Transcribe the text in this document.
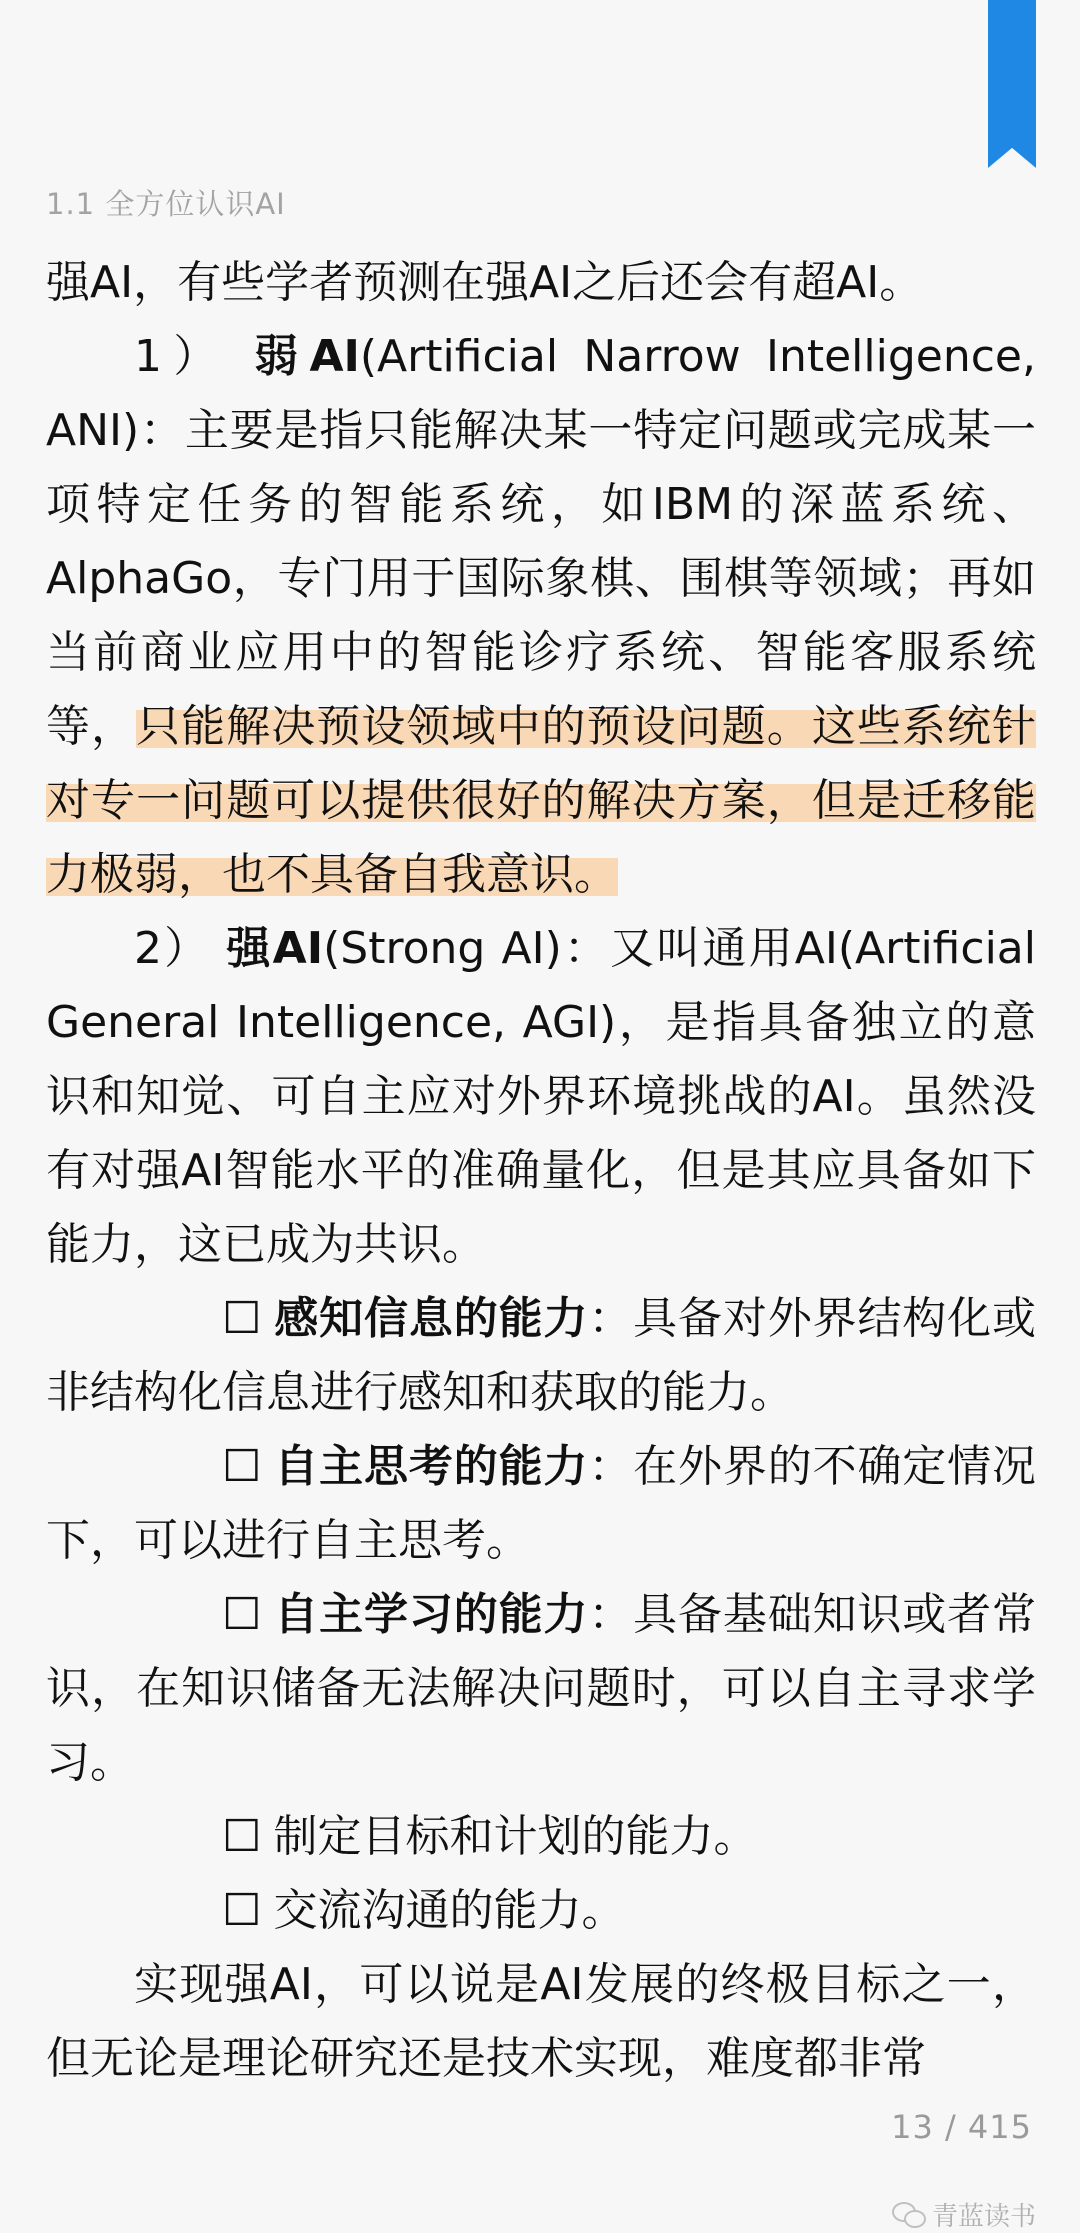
1.1 全方位认识AI

强AI，有些学者预测在强AI之后还会有超AI。

1） 弱AI(Artificial Narrow Intelligence, ANI)：主要是指只能解决某一特定问题或完成某一项特定任务的智能系统，如IBM的深蓝系统、AlphaGo，专门用于国际象棋、围棋等领域；再如当前商业应用中的智能诊疗系统、智能客服系统等，只能解决预设领域中的预设问题。这些系统针对专一问题可以提供很好的解决方案，但是迁移能力极弱，也不具备自我意识。

2） 强AI(Strong AI)：又叫通用AI(Artificial General Intelligence, AGI)，是指具备独立的意识和知觉、可自主应对外界环境挑战的AI。虽然没有对强AI智能水平的准确量化，但是其应具备如下能力，这已成为共识。

☐ 感知信息的能力：具备对外界结构化或非结构化信息进行感知和获取的能力。

☐ 自主思考的能力：在外界的不确定情况下，可以进行自主思考。

☐ 自主学习的能力：具备基础知识或者常识，在知识储备无法解决问题时，可以自主寻求学习。

☐ 制定目标和计划的能力。

☐ 交流沟通的能力。

实现强AI，可以说是AI发展的终极目标之一，但无论是理论研究还是技术实现，难度都非常

13 / 415
青蓝读书
